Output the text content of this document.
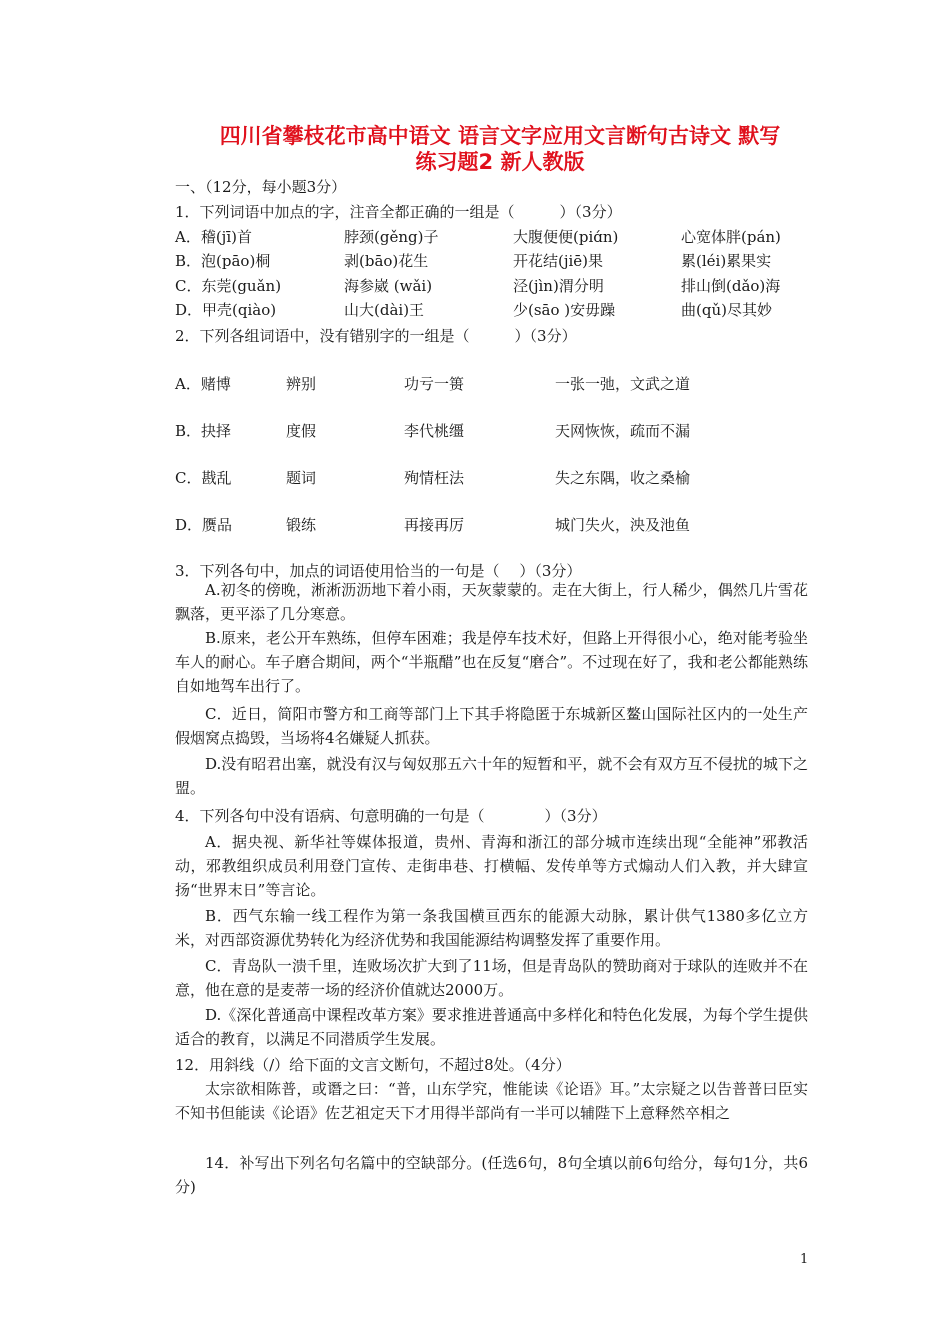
四川省攀枝花市高中语文 语言文字应用文言断句古诗文 默写
练习题2 新人教版
一、（12分，每小题3分）
1．下列词语中加点的字，注音全都正确的一组是（　　　）（3分）
A．稽(jī)首	脖颈(gěng)子	大腹便便(piɑ́n)	心宽体胖(pán)
B．泡(pāo)桐	剥(bāo)花生	开花结(jiē)果	累(léi)累果实
C．东莞(guǎn)	海参崴 (wǎi)	泾(jìn)渭分明	排山倒(dǎo)海
D．甲壳(qiào)	山大(dài)王	少(sāo )安毋躁	曲(qǔ)尽其妙
2．下列各组词语中，没有错别字的一组是（　　　）（3分）
A．赌博	辨别	功亏一篑	一张一弛，文武之道
B．抉择	度假	李代桃缰	天网恢恢，疏而不漏
C．戡乱	题词	殉情枉法	失之东隅，收之桑榆
D．赝品	锻练	再接再厉	城门失火，泱及池鱼
3．下列各句中，加点的词语使用恰当的一句是（　 ）（3分）

A.初冬的傍晚，淅淅沥沥地下着小雨，天灰蒙蒙的。走在大街上，行人稀少，偶然几片雪花飘落，更平添了几分寒意。

B.原来，老公开车熟练，但停车困难；我是停车技术好，但路上开得很小心，绝对能考验坐车人的耐心。车子磨合期间，两个“半瓶醋”也在反复“磨合”。不过现在好了，我和老公都能熟练自如地驾车出行了。

C．近日，简阳市警方和工商等部门上下其手将隐匿于东城新区鳌山国际社区内的一处生产假烟窝点捣毁，当场将4名嫌疑人抓获。

D.没有昭君出塞，就没有汉与匈奴那五六十年的短暂和平，就不会有双方互不侵扰的城下之盟。

4．下列各句中没有语病、句意明确的一句是（　　　　）（3分）

A．据央视、新华社等媒体报道，贵州、青海和浙江的部分城市连续出现“全能神”邪教活动，邪教组织成员利用登门宣传、走街串巷、打横幅、发传单等方式煽动人们入教，并大肆宣扬“世界末日”等言论。

B．西气东输一线工程作为第一条我国横亘西东的能源大动脉，累计供气1380多亿立方米，对西部资源优势转化为经济优势和我国能源结构调整发挥了重要作用。

C．青岛队一溃千里，连败场次扩大到了11场，但是青岛队的赞助商对于球队的连败并不在意，他在意的是麦蒂一场的经济价值就达2000万。

D.《深化普通高中课程改革方案》要求推进普通高中多样化和特色化发展，为每个学生提供适合的教育，以满足不同潜质学生发展。

12．用斜线（/）给下面的文言文断句，不超过8处。（4分）

太宗欲相陈普，或谮之曰：“普，山东学究，惟能读《论语》耳。”太宗疑之以告普普曰臣实不知书但能读《论语》佐艺祖定天下才用得半部尚有一半可以辅陛下上意释然卒相之

14．补写出下列名句名篇中的空缺部分。(任选6句，8句全填以前6句给分，每句1分，共6分)

1
